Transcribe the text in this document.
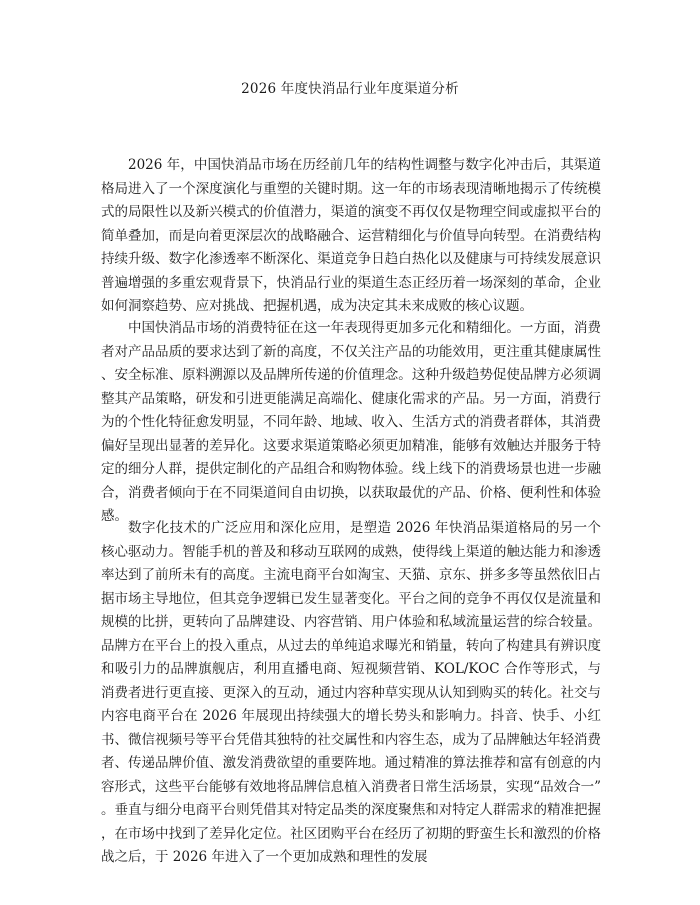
2026 年度快消品行业年度渠道分析

2026 年，中国快消品市场在历经前几年的结构性调整与数字化冲击后，其渠道格局进入了一个深度演化与重塑的关键时期。这一年的市场表现清晰地揭示了传统模式的局限性以及新兴模式的价值潜力，渠道的演变不再仅仅是物理空间或虚拟平台的简单叠加，而是向着更深层次的战略融合、运营精细化与价值导向转型。在消费结构持续升级、数字化渗透率不断深化、渠道竞争日趋白热化以及健康与可持续发展意识普遍增强的多重宏观背景下，快消品行业的渠道生态正经历着一场深刻的革命，企业如何洞察趋势、应对挑战、把握机遇，成为决定其未来成败的核心议题。

中国快消品市场的消费特征在这一年表现得更加多元化和精细化。一方面，消费者对产品品质的要求达到了新的高度，不仅关注产品的功能效用，更注重其健康属性、安全标准、原料溯源以及品牌所传递的价值理念。这种升级趋势促使品牌方必须调整其产品策略，研发和引进更能满足高端化、健康化需求的产品。另一方面，消费行为的个性化特征愈发明显，不同年龄、地域、收入、生活方式的消费者群体，其消费偏好呈现出显著的差异化。这要求渠道策略必须更加精准，能够有效触达并服务于特定的细分人群，提供定制化的产品组合和购物体验。线上线下的消费场景也进一步融合，消费者倾向于在不同渠道间自由切换，以获取最优的产品、价格、便利性和体验感。

数字化技术的广泛应用和深化应用，是塑造 2026 年快消品渠道格局的另一个核心驱动力。智能手机的普及和移动互联网的成熟，使得线上渠道的触达能力和渗透率达到了前所未有的高度。主流电商平台如淘宝、天猫、京东、拼多多等虽然依旧占据市场主导地位，但其竞争逻辑已发生显著变化。平台之间的竞争不再仅仅是流量和规模的比拼，更转向了品牌建设、内容营销、用户体验和私域流量运营的综合较量。品牌方在平台上的投入重点，从过去的单纯追求曝光和销量，转向了构建具有辨识度和吸引力的品牌旗舰店，利用直播电商、短视频营销、KOL/KOC 合作等形式，与消费者进行更直接、更深入的互动，通过内容种草实现从认知到购买的转化。社交与内容电商平台在 2026 年展现出持续强大的增长势头和影响力。抖音、快手、小红书、微信视频号等平台凭借其独特的社交属性和内容生态，成为了品牌触达年轻消费者、传递品牌价值、激发消费欲望的重要阵地。通过精准的算法推荐和富有创意的内容形式，这些平台能够有效地将品牌信息植入消费者日常生活场景，实现“品效合一”。垂直与细分电商平台则凭借其对特定品类的深度聚焦和对特定人群需求的精准把握，在市场中找到了差异化定位。社区团购平台在经历了初期的野蛮生长和激烈的价格战之后，于 2026 年进入了一个更加成熟和理性的发展
